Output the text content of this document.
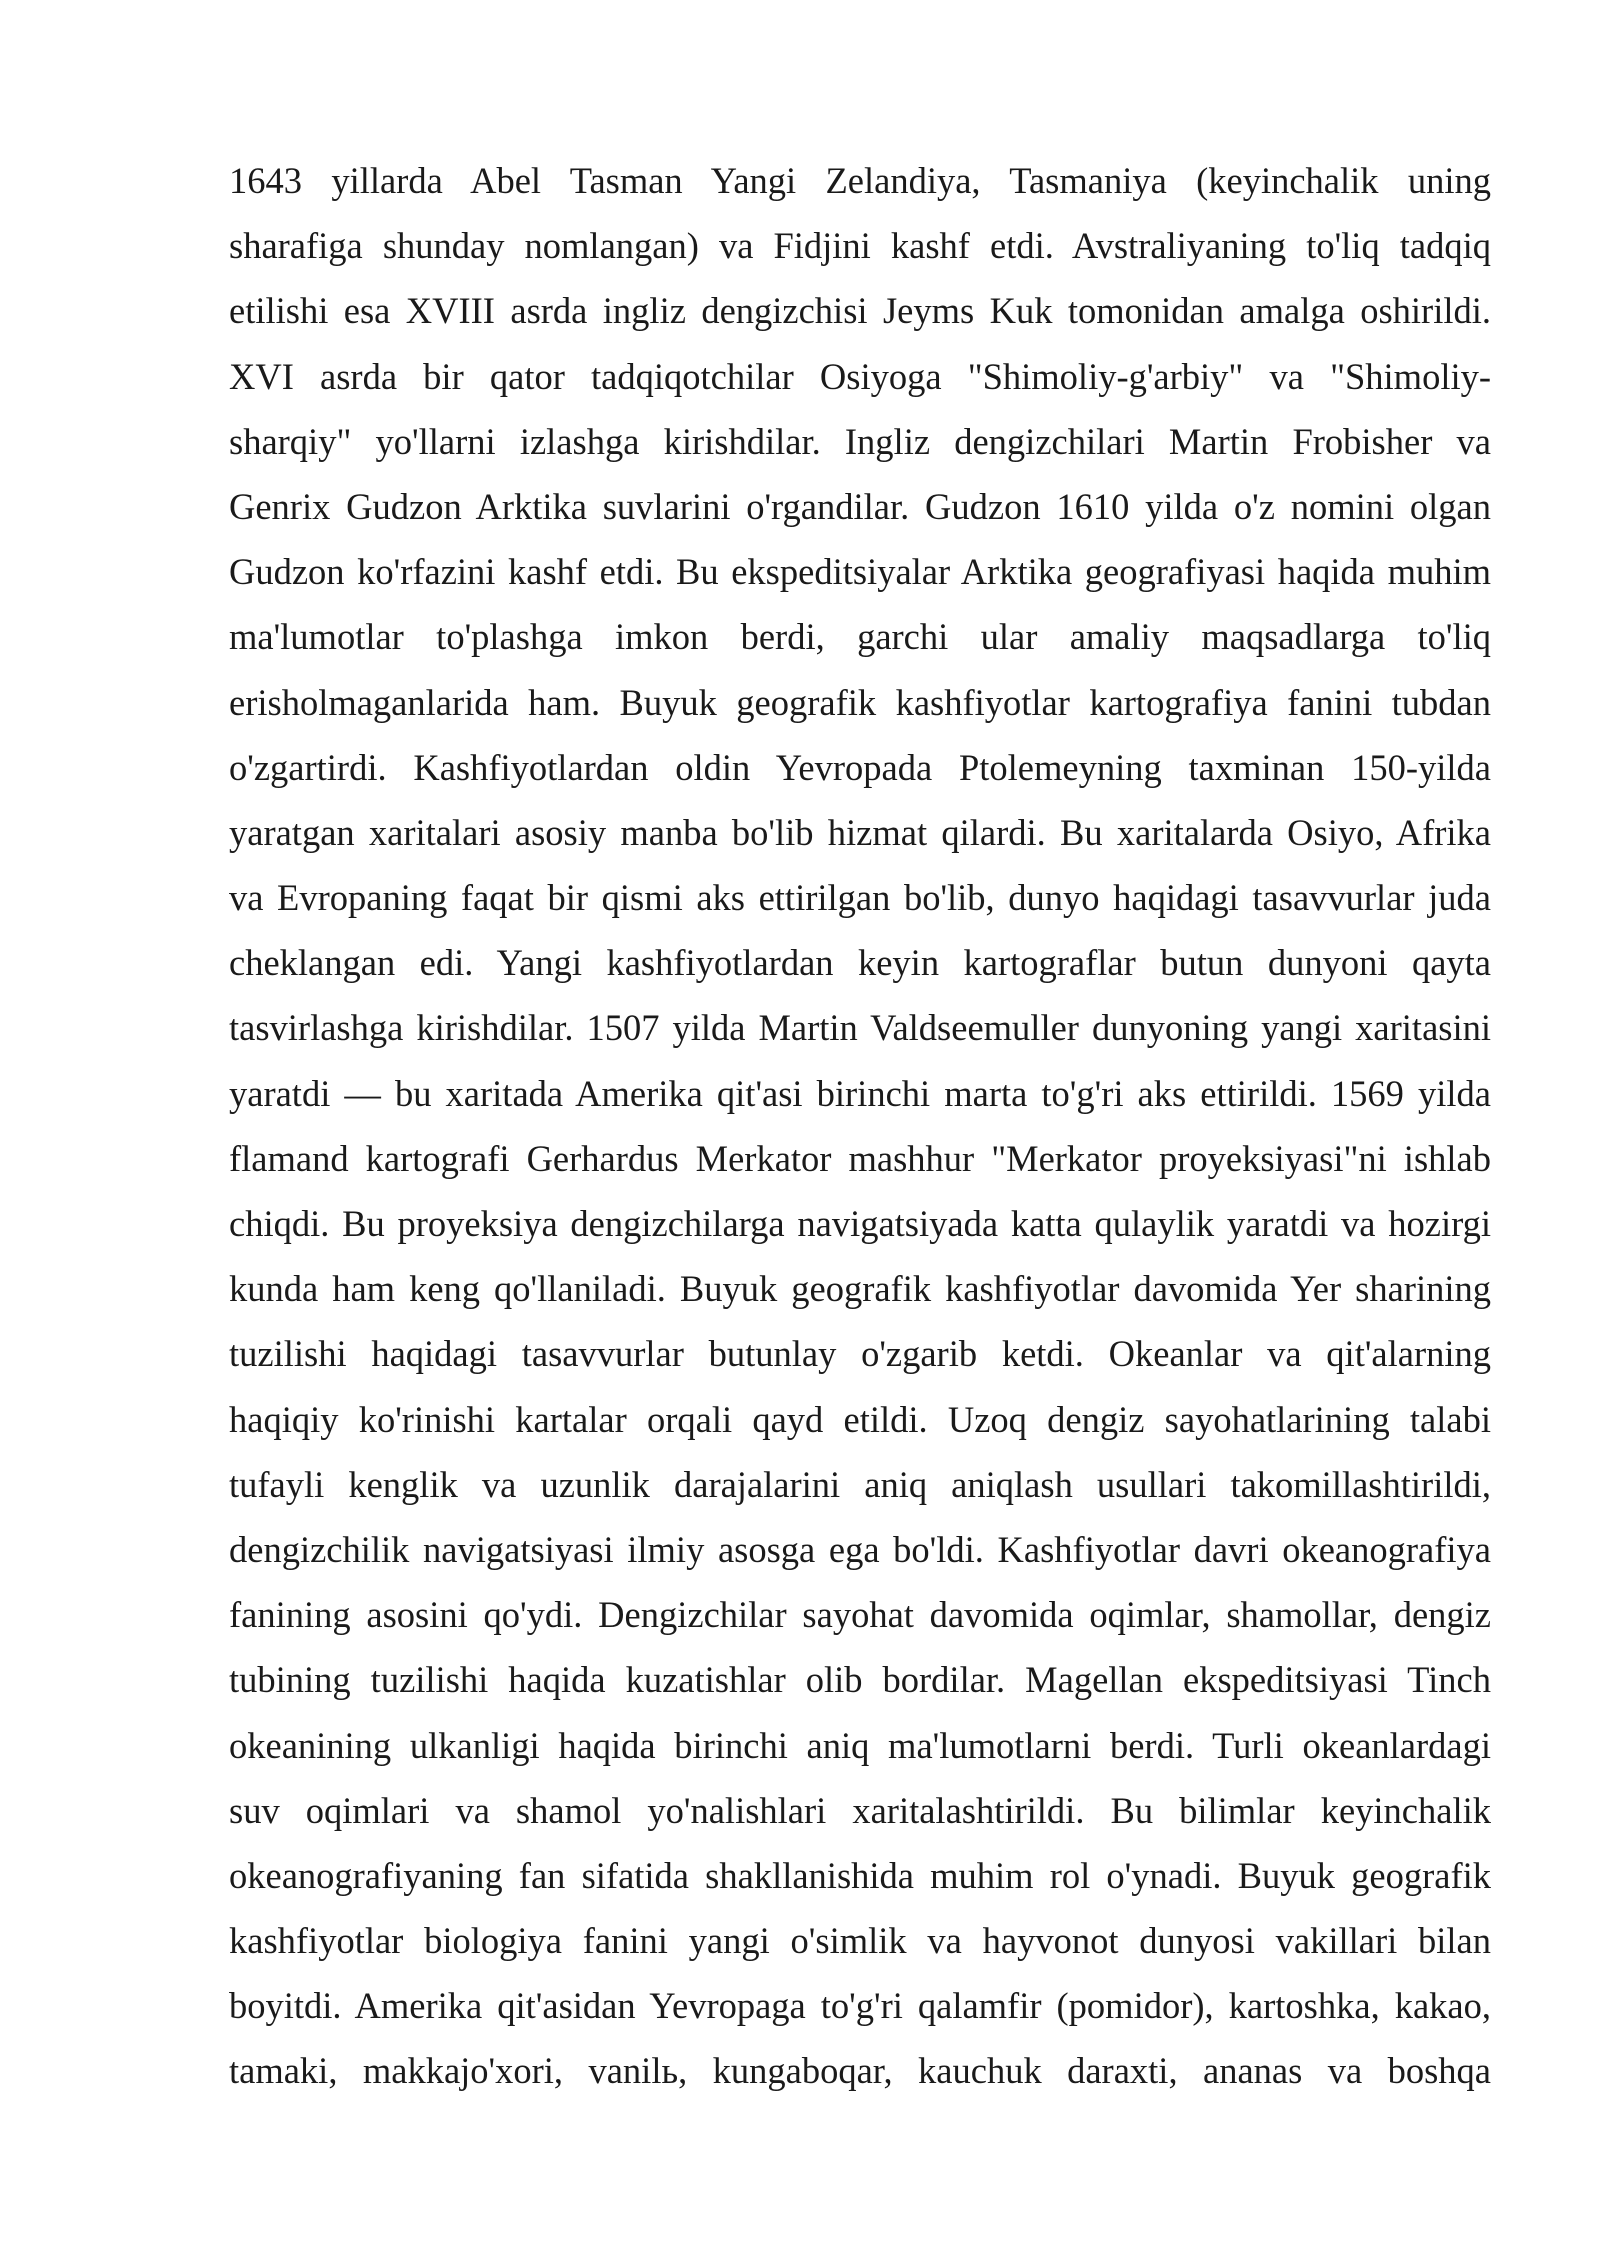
1643 yillarda Abel Tasman Yangi Zelandiya, Tasmaniya (keyinchalik uning
sharafiga shunday nomlangan) va Fidjini kashf etdi. Avstraliyaning to'liq tadqiq
etilishi esa XVIII asrda ingliz dengizchisi Jeyms Kuk tomonidan amalga oshirildi.
XVI asrda bir qator tadqiqotchilar Osiyoga "Shimoliy-g'arbiy" va "Shimoliy-
sharqiy" yo'llarni izlashga kirishdilar. Ingliz dengizchilari Martin Frobisher va
Genrix Gudzon Arktika suvlarini o'rgandilar. Gudzon 1610 yilda o'z nomini olgan
Gudzon ko'rfazini kashf etdi. Bu ekspeditsiyalar Arktika geografiyasi haqida muhim
ma'lumotlar to'plashga imkon berdi, garchi ular amaliy maqsadlarga to'liq
erisholmaganlarida ham. Buyuk geografik kashfiyotlar kartografiya fanini tubdan
o'zgartirdi. Kashfiyotlardan oldin Yevropada Ptolemeyning taxminan 150-yilda
yaratgan xaritalari asosiy manba bo'lib hizmat qilardi. Bu xaritalarda Osiyo, Afrika
va Evropaning faqat bir qismi aks ettirilgan bo'lib, dunyo haqidagi tasavvurlar juda
cheklangan edi. Yangi kashfiyotlardan keyin kartograflar butun dunyoni qayta
tasvirlashga kirishdilar. 1507 yilda Martin Valdseemuller dunyoning yangi xaritasini
yaratdi — bu xaritada Amerika qit'asi birinchi marta to'g'ri aks ettirildi. 1569 yilda
flamand kartografi Gerhardus Merkator mashhur "Merkator proyeksiyasi"ni ishlab
chiqdi. Bu proyeksiya dengizchilarga navigatsiyada katta qulaylik yaratdi va hozirgi
kunda ham keng qo'llaniladi. Buyuk geografik kashfiyotlar davomida Yer sharining
tuzilishi haqidagi tasavvurlar butunlay o'zgarib ketdi. Okeanlar va qit'alarning
haqiqiy ko'rinishi kartalar orqali qayd etildi. Uzoq dengiz sayohatlarining talabi
tufayli kenglik va uzunlik darajalarini aniq aniqlash usullari takomillashtirildi,
dengizchilik navigatsiyasi ilmiy asosga ega bo'ldi. Kashfiyotlar davri okeanografiya
fanining asosini qo'ydi. Dengizchilar sayohat davomida oqimlar, shamollar, dengiz
tubining tuzilishi haqida kuzatishlar olib bordilar. Magellan ekspeditsiyasi Tinch
okeanining ulkanligi haqida birinchi aniq ma'lumotlarni berdi. Turli okeanlardagi
suv oqimlari va shamol yo'nalishlari xaritalashtirildi. Bu bilimlar keyinchalik
okeanografiyaning fan sifatida shakllanishida muhim rol o'ynadi. Buyuk geografik
kashfiyotlar biologiya fanini yangi o'simlik va hayvonot dunyosi vakillari bilan
boyitdi. Amerika qit'asidan Yevropaga to'g'ri qalamfir (pomidor), kartoshka, kakao,
tamaki, makkajo'xori, vanilь, kungaboqar, kauchuk daraxti, ananas va boshqa
